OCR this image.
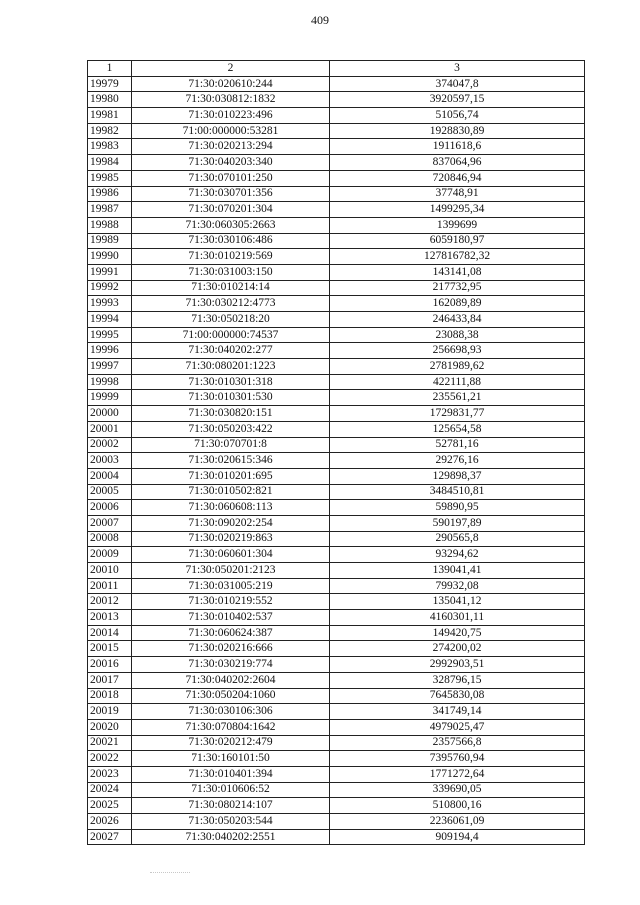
409
1	2	3
19979	71:30:020610:244	374047,8
19980	71:30:030812:1832	3920597,15
19981	71:30:010223:496	51056,74
19982	71:00:000000:53281	1928830,89
19983	71:30:020213:294	1911618,6
19984	71:30:040203:340	837064,96
19985	71:30:070101:250	720846,94
19986	71:30:030701:356	37748,91
19987	71:30:070201:304	1499295,34
19988	71:30:060305:2663	1399699
19989	71:30:030106:486	6059180,97
19990	71:30:010219:569	127816782,32
19991	71:30:031003:150	143141,08
19992	71:30:010214:14	217732,95
19993	71:30:030212:4773	162089,89
19994	71:30:050218:20	246433,84
19995	71:00:000000:74537	23088,38
19996	71:30:040202:277	256698,93
19997	71:30:080201:1223	2781989,62
19998	71:30:010301:318	422111,88
19999	71:30:010301:530	235561,21
20000	71:30:030820:151	1729831,77
20001	71:30:050203:422	125654,58
20002	71:30:070701:8	52781,16
20003	71:30:020615:346	29276,16
20004	71:30:010201:695	129898,37
20005	71:30:010502:821	3484510,81
20006	71:30:060608:113	59890,95
20007	71:30:090202:254	590197,89
20008	71:30:020219:863	290565,8
20009	71:30:060601:304	93294,62
20010	71:30:050201:2123	139041,41
20011	71:30:031005:219	79932,08
20012	71:30:010219:552	135041,12
20013	71:30:010402:537	4160301,11
20014	71:30:060624:387	149420,75
20015	71:30:020216:666	274200,02
20016	71:30:030219:774	2992903,51
20017	71:30:040202:2604	328796,15
20018	71:30:050204:1060	7645830,08
20019	71:30:030106:306	341749,14
20020	71:30:070804:1642	4979025,47
20021	71:30:020212:479	2357566,8
20022	71:30:160101:50	7395760,94
20023	71:30:010401:394	1771272,64
20024	71:30:010606:52	339690,05
20025	71:30:080214:107	510800,16
20026	71:30:050203:544	2236061,09
20027	71:30:040202:2551	909194,4
